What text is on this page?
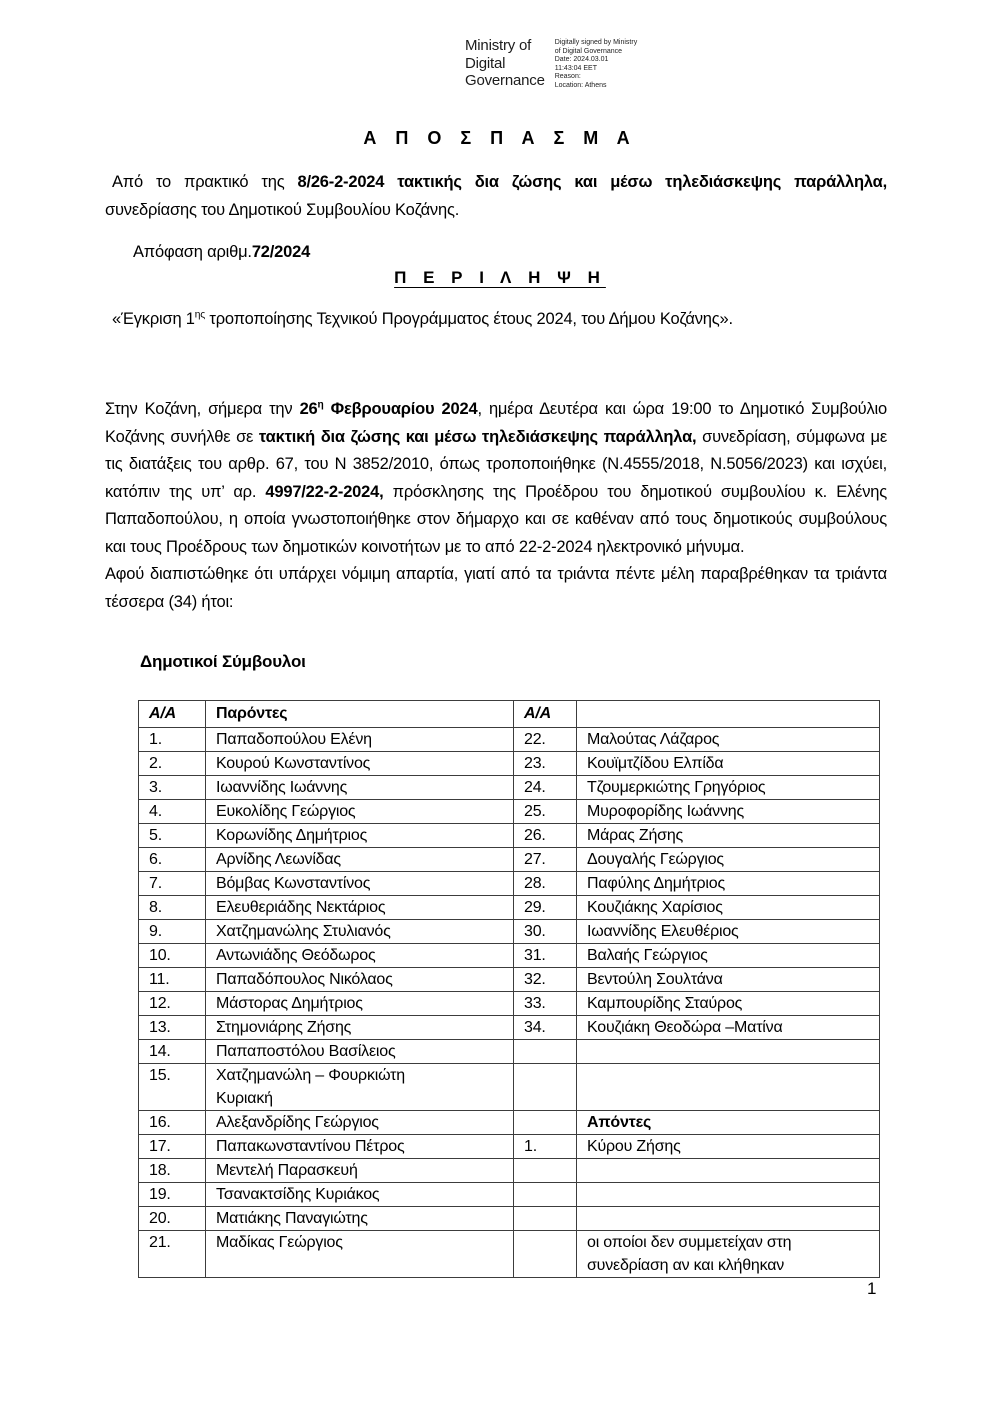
Ministry of
Digital
Governance
Digitally signed by Ministry
of Digital Governance
Date: 2024.03.01
11:43:04 EET
Reason:
Location: Athens
Α Π Ο Σ Π Α Σ Μ Α

Από το πρακτικό της 8/26-2-2024 τακτικής δια ζώσης και μέσω τηλεδιάσκεψης παράλληλα, συνεδρίασης του Δημοτικού Συμβουλίου Κοζάνης.

Απόφαση αριθμ.72/2024
Π Ε Ρ Ι Λ Η Ψ Η

«Έγκριση $1^{\eta\varsigma}$ τροποποίησης Τεχνικού Προγράμματος έτους 2024, του Δήμου Κοζάνης».

Στην Κοζάνη, σήμερα την $26^\eta$ Φεβρουαρίου 2024, ημέρα Δευτέρα και ώρα 19:00 το Δημοτικό Συμβούλιο Κοζάνης συνήλθε σε τακτική δια ζώσης και μέσω τηλεδιάσκεψης παράλληλα, συνεδρίαση, σύμφωνα με τις διατάξεις του αρθρ. 67, του Ν 3852/2010, όπως τροποποιήθηκε (Ν.4555/2018, Ν.5056/2023) και ισχύει, κατόπιν της υπ’ αρ. 4997/22-2-2024, πρόσκλησης της Προέδρου του δημοτικού συμβουλίου κ. Ελένης Παπαδοπούλου, η οποία γνωστοποιήθηκε στον δήμαρχο και σε καθέναν από τους δημοτικούς συμβούλους και τους Προέδρους των δημοτικών κοινοτήτων με το από 22-2-2024 ηλεκτρονικό μήνυμα.

Αφού διαπιστώθηκε ότι υπάρχει νόμιμη απαρτία, γιατί από τα τριάντα πέντε μέλη παραβρέθηκαν τα τριάντα τέσσερα (34) ήτοι:

Δημοτικοί Σύμβουλοι
Α/Α	Παρόντες	Α/Α	
1.	Παπαδοπούλου Ελένη	22.	Μαλούτας Λάζαρος
2.	Κουρού Κωνσταντίνος	23.	Κουϊμτζίδου Ελπίδα
3.	Ιωαννίδης Ιωάννης	24.	Τζουμερκιώτης Γρηγόριος
4.	Ευκολίδης Γεώργιος	25.	Μυροφορίδης Ιωάννης
5.	Κορωνίδης Δημήτριος	26.	Μάρας Ζήσης
6.	Αρνίδης Λεωνίδας	27.	Δουγαλής Γεώργιος
7.	Βόμβας Κωνσταντίνος	28.	Παφύλης Δημήτριος
8.	Ελευθεριάδης Νεκτάριος	29.	Κουζιάκης Χαρίσιος
9.	Χατζημανώλης Στυλιανός	30.	Ιωαννίδης Ελευθέριος
10.	Αντωνιάδης Θεόδωρος	31.	Βαλαής Γεώργιος
11.	Παπαδόπουλος Νικόλαος	32.	Βεντούλη Σουλτάνα
12.	Μάστορας Δημήτριος	33.	Καμπουρίδης Σταύρος
13.	Στημονιάρης Ζήσης	34.	Κουζιάκη Θεοδώρα –Ματίνα
14.	Παπαποστόλου Βασίλειος		
15.	Χατζημανώλη – Φουρκιώτη
Κυριακή		
16.	Αλεξανδρίδης Γεώργιος		Απόντες
17.	Παπακωνσταντίνου Πέτρος	1.	Κύρου Ζήσης
18.	Μεντελή Παρασκευή		
19.	Τσανακτσίδης Κυριάκος		
20.	Ματιάκης Παναγιώτης		
21.	Μαδίκας Γεώργιος		οι οποίοι δεν συμμετείχαν στη
συνεδρίαση αν και κλήθηκαν
1
